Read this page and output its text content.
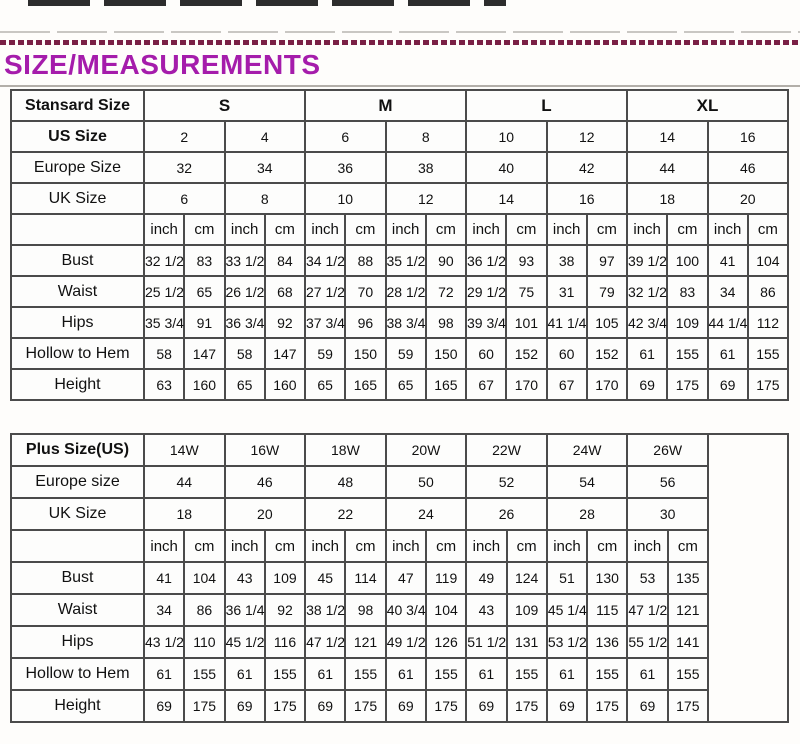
SIZE/MEASUREMENTS
Stansard Size	S				M				L				XL			
US Size	2		4		6		8		10		12		14		16	
Europe Size	32		34		36		38		40		42		44		46	
UK Size	6		8		10		12		14		16		18		20	
	inch	cm	inch	cm	inch	cm	inch	cm	inch	cm	inch	cm	inch	cm	inch	cm
Bust	32 1/2	83	33 1/2	84	34 1/2	88	35 1/2	90	36 1/2	93	38	97	39 1/2	100	41	104
Waist	25 1/2	65	26 1/2	68	27 1/2	70	28 1/2	72	29 1/2	75	31	79	32 1/2	83	34	86
Hips	35 3/4	91	36 3/4	92	37 3/4	96	38 3/4	98	39 3/4	101	41 1/4	105	42 3/4	109	44 1/4	112
Hollow to Hem	58	147	58	147	59	150	59	150	60	152	60	152	61	155	61	155
Height	63	160	65	160	65	165	65	165	67	170	67	170	69	175	69	175
Plus Size(US)	14W		16W		18W		20W		22W		24W		26W		
Europe size	44		46		48		50		52		54		56		
UK Size	18		20		22		24		26		28		30		
	inch	cm	inch	cm	inch	cm	inch	cm	inch	cm	inch	cm	inch	cm	
Bust	41	104	43	109	45	114	47	119	49	124	51	130	53	135	
Waist	34	86	36 1/4	92	38 1/2	98	40 3/4	104	43	109	45 1/4	115	47 1/2	121	
Hips	43 1/2	110	45 1/2	116	47 1/2	121	49 1/2	126	51 1/2	131	53 1/2	136	55 1/2	141	
Hollow to Hem	61	155	61	155	61	155	61	155	61	155	61	155	61	155	
Height	69	175	69	175	69	175	69	175	69	175	69	175	69	175	
